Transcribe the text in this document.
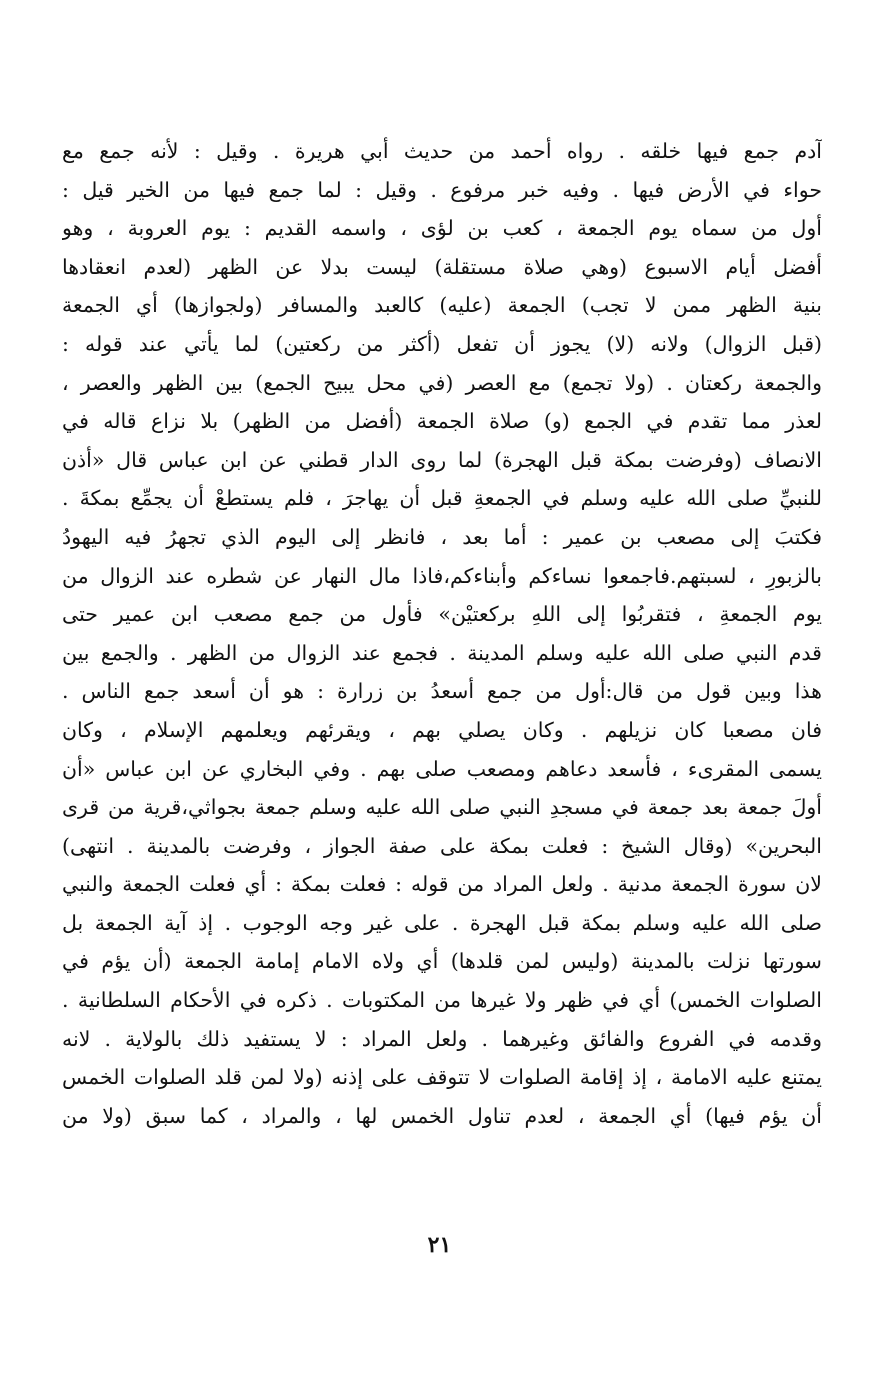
آدم جمع فيها خلقه . رواه أحمد من حديث أبي هريرة . وقيل : لأنه جمع مع
حواء في الأرض فيها . وفيه خبر مرفوع . وقيل : لما جمع فيها من الخير قيل :
أول من سماه يوم الجمعة ، كعب بن لؤى ، واسمه القديم : يوم العروبة ، وهو
أفضل أيام الاسبوع (وهي صلاة مستقلة) ليست بدلا عن الظهر (لعدم انعقادها
بنية الظهر ممن لا تجب) الجمعة (عليه) كالعبد والمسافر (ولجوازها) أي الجمعة
(قبل الزوال) ولانه (لا) يجوز أن تفعل (أكثر من ركعتين) لما يأتي عند قوله :
والجمعة ركعتان . (ولا تجمع) مع العصر (في محل يبيح الجمع) بين الظهر والعصر ،
لعذر مما تقدم في الجمع (و) صلاة الجمعة (أفضل من الظهر) بلا نزاع قاله في
الانصاف (وفرضت بمكة قبل الهجرة) لما روى الدار قطني عن ابن عباس قال «أذن
للنبيِّ صلى الله عليه وسلم في الجمعةِ قبل أن يهاجرَ ، فلم يستطعْ أن يجمِّع بمكةَ .
فكتبَ إلى مصعب بن عمير : أما بعد ، فانظر إلى اليوم الذي تجهرُ فيه اليهودُ
بالزبورِ ، لسبتهم.فاجمعوا نساءكم وأبناءكم،فاذا مال النهار عن شطره عند الزوال من
يوم الجمعةِ ، فتقربُوا إلى اللهِ بركعتيْن» فأول من جمع مصعب ابن عمير حتى
قدم النبي صلى الله عليه وسلم المدينة . فجمع عند الزوال من الظهر . والجمع بين
هذا وبين قول من قال:أول من جمع أسعدُ بن زرارة : هو أن أسعد جمع الناس .
فان مصعبا كان نزيلهم . وكان يصلي بهم ، ويقرئهم ويعلمهم الإسلام ، وكان
يسمى المقرىء ، فأسعد دعاهم ومصعب صلى بهم . وفي البخاري عن ابن عباس «أن
أولَ جمعة بعد جمعة في مسجدِ النبي صلى الله عليه وسلم جمعة بجواثي،قرية من قرى
البحرين» (وقال الشيخ : فعلت بمكة على صفة الجواز ، وفرضت بالمدينة . انتهى)
لان سورة الجمعة مدنية . ولعل المراد من قوله : فعلت بمكة : أي فعلت الجمعة والنبي
صلى الله عليه وسلم بمكة قبل الهجرة . على غير وجه الوجوب . إذ آية الجمعة بل
سورتها نزلت بالمدينة (وليس لمن قلدها) أي ولاه الامام إمامة الجمعة (أن يؤم في
الصلوات الخمس) أي في ظهر ولا غيرها من المكتوبات . ذكره في الأحكام السلطانية .
وقدمه في الفروع والفائق وغيرهما . ولعل المراد : لا يستفيد ذلك بالولاية . لانه
يمتنع عليه الامامة ، إذ إقامة الصلوات لا تتوقف على إذنه (ولا لمن قلد الصلوات الخمس
أن يؤم فيها) أي الجمعة ، لعدم تناول الخمس لها ، والمراد ، كما سبق (ولا من
٢١
